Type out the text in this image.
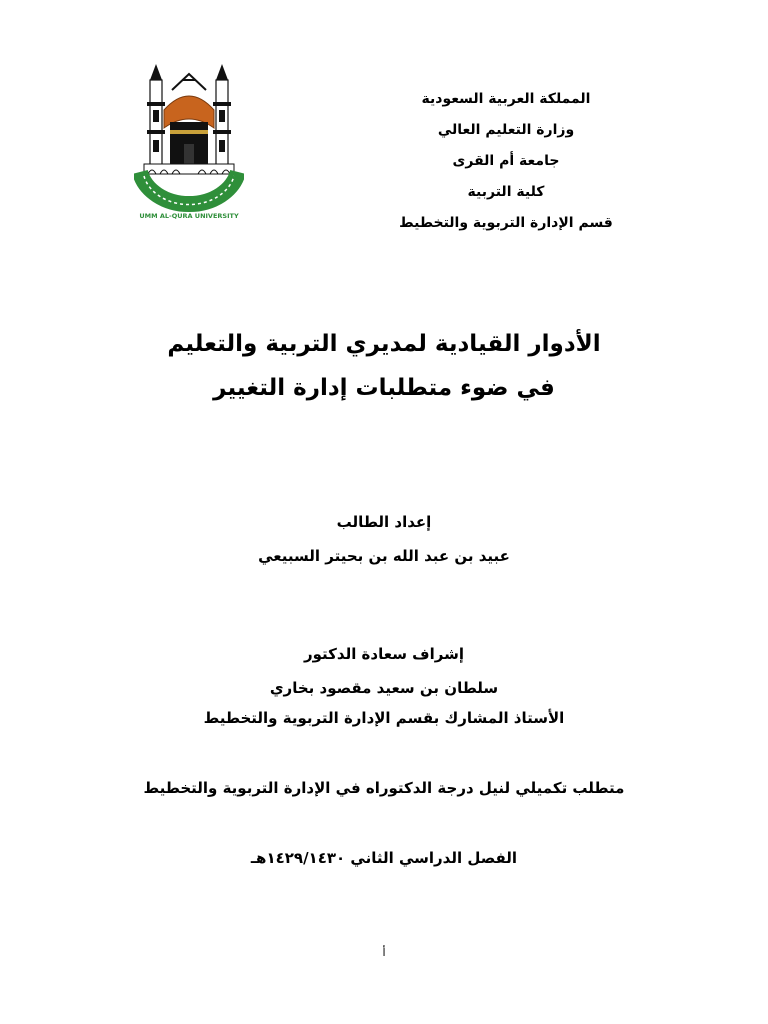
UMM AL-QURA UNIVERSITY
المملكة العربية السعودية
وزارة التعليم العالي
جامعة أم القرى
كلية التربية
قسم الإدارة التربوية والتخطيط
الأدوار القيادية لمديري التربية والتعليم
في ضوء متطلبات إدارة التغيير
إعداد الطالب
عبيد بن عبد الله بن بحيتر السبيعي
إشراف سعادة الدكتور
سلطان بن سعيد مقصود بخاري
الأستاذ المشارك بقسم الإدارة التربوية والتخطيط
متطلب تكميلي لنيل درجة الدكتوراه في الإدارة التربوية والتخطيط
الفصل الدراسي الثاني ١٤٢٩/١٤٣٠هـ
أ
